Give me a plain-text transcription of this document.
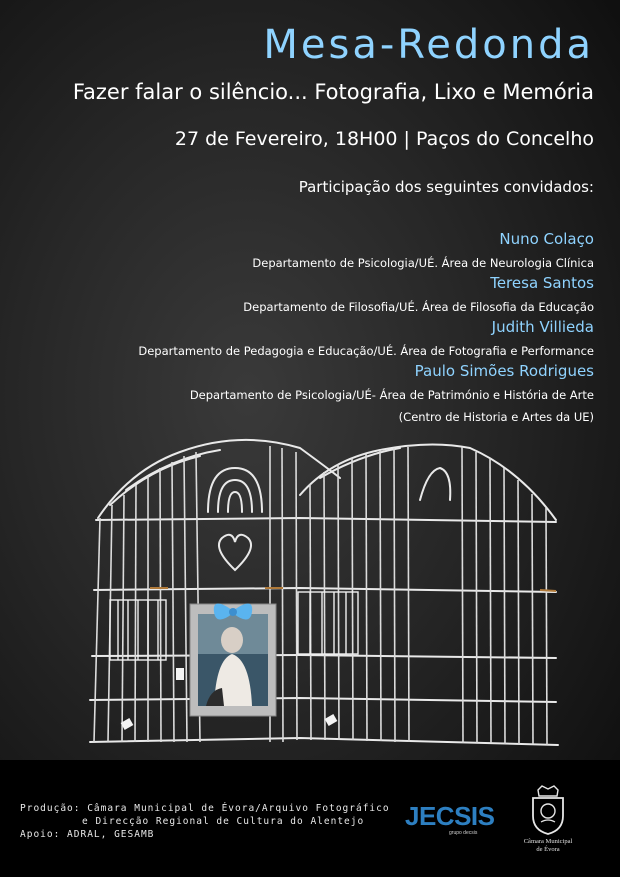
Mesa-Redonda
Fazer falar o silêncio... Fotografia, Lixo e Memória
27 de Fevereiro, 18H00 | Paços do Concelho
Participação dos seguintes convidados:
Nuno Colaço
Departamento de Psicologia/UÉ. Área de Neurologia Clínica
Teresa Santos
Departamento de Filosofia/UÉ. Área de Filosofia da Educação
Judith Villieda
Departamento de Pedagogia e Educação/UÉ. Área de Fotografia e Performance
Paulo Simões Rodrigues
Departamento de Psicologia/UÉ- Área de Património e História de Arte
(Centro de Historia e Artes da UE)
Produção: Câmara Municipal de Évora/Arquivo Fotográfico
e Direcção Regional de Cultura do Alentejo
Apoio: ADRAL, GESAMB
JECSIS
grupo decsis
Câmara Municipal
de Évora
